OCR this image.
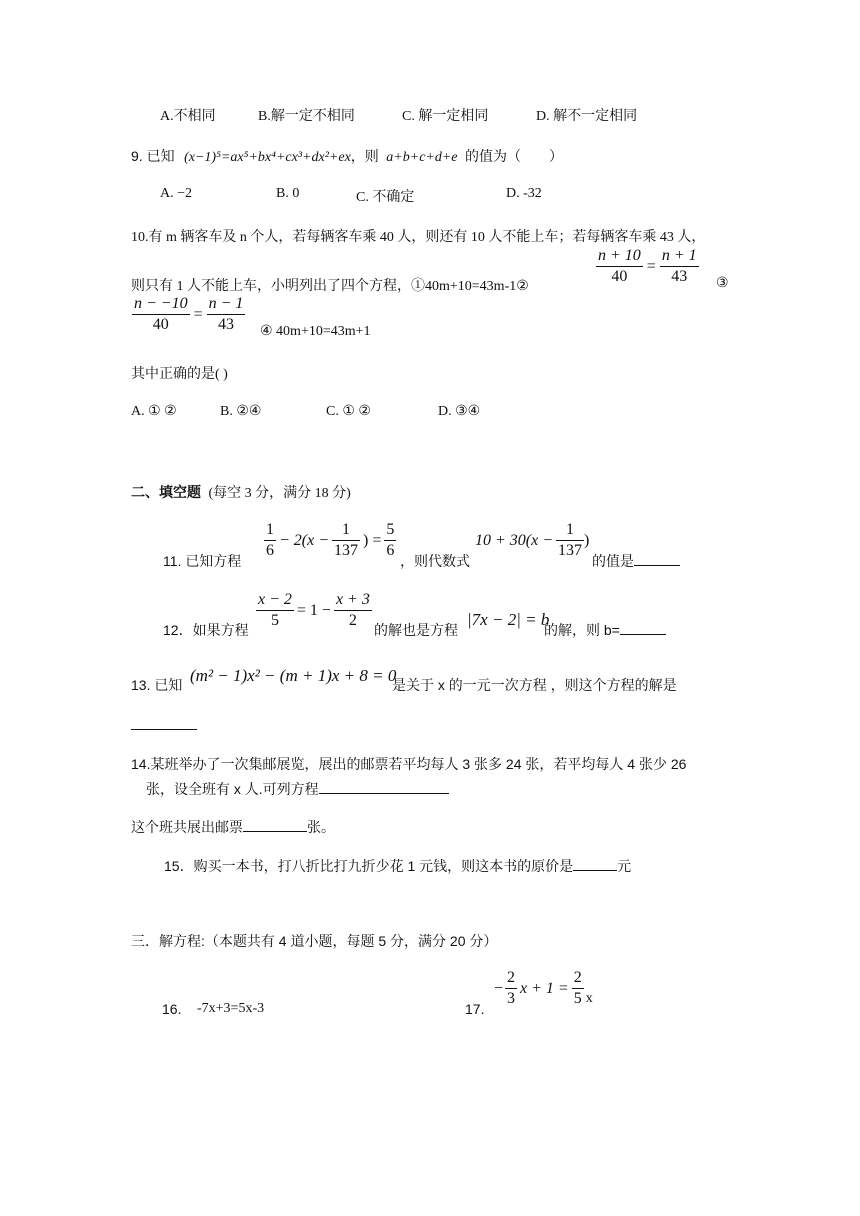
A.不相同	B.解一定不相同	C. 解一定相同	D. 解不一定相同
9. 已知 (x−1)⁵=ax⁵+bx⁴+cx³+dx²+ex，则 a+b+c+d+e 的值为（　　）
A. −2	B. 0	C. 不确定	D. -32
10.有 m 辆客车及 n 个人，若每辆客车乘 40 人，则还有 10 人不能上车；若每辆客车乘 43 人，
则只有 1 人不能上车，小明列出了四个方程，①40m+10=43m-1②	$\frac{n + 10}{40} = \frac{n + 1}{43}$ ③
$\frac{n - -10}{40} = \frac{n - 1}{43}$ ④ 40m+10=43m+1
其中正确的是( )
A. ① ②	B. ②④	C. ① ②	D. ③④
二、填空题 (每空 3 分，满分 18 分)
11. 已知方程 $\frac{1}{6} - 2(x - \frac{1}{137}$ ) = $\frac{5}{6}$ ，则代数式
$10 + 30(x - \frac{1}{137}$ )
的值是
12．如果方程 $\frac{x - 2}{5} = 1 - \frac{x + 3}{2}$ 的解也是方程
|7x − 2| = b
的解，则 b=
13. 已知 (m² − 1)x² − (m + 1)x + 8 = 0
是关于 x 的一元一次方程 ，则这个方程的解是
14.某班举办了一次集邮展览，展出的邮票若平均每人 3 张多 24 张，若平均每人 4 张少 26
张，设全班有 x 人.可列方程
这个班共展出邮票	张。
15．购买一本书，打八折比打九折少花 1 元钱，则这本书的原价是	元
三．解方程:（本题共有 4 道小题，每题 5 分，满分 20 分）
16. -7x+3=5x-3	17.
− $\frac{2}{3}$ $x + 1 = \frac{2}{5}$ x
